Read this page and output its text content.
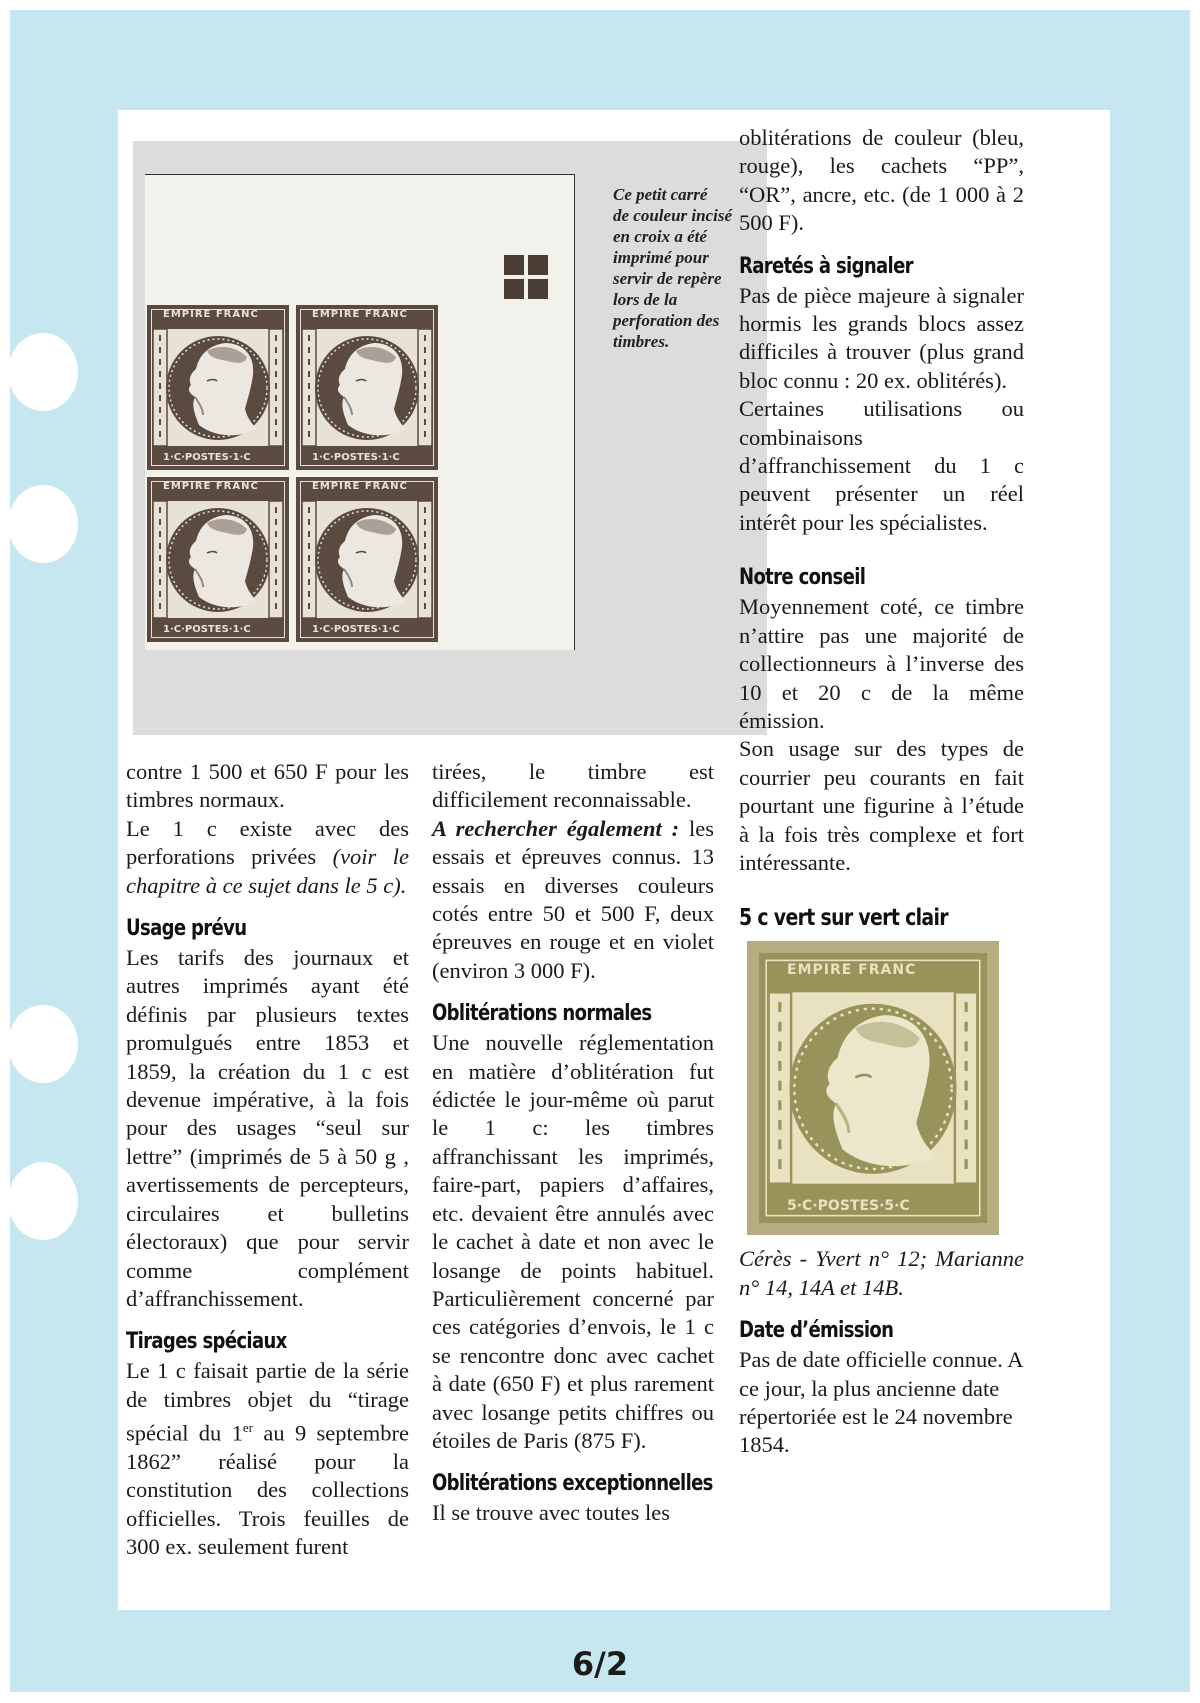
EMPIRE FRANC	EMPIRE FRANC
EMPIRE FRANC	EMPIRE FRANC
1·C·POSTES·1·C	1·C·POSTES·1·C
1·C·POSTES·1·C	1·C·POSTES·1·C
Ce petit carré
de couleur incisé
en croix a été
imprimé pour
servir de repère
lors de la
perforation des
timbres.

contre 1 500 et 650 F pour les timbres normaux.

Le 1 c existe avec des perforations privées (voir le chapitre à ce sujet dans le 5 c).

Usage prévu

Les tarifs des journaux et autres imprimés ayant été définis par plusieurs textes promulgués entre 1853 et 1859, la création du 1 c est devenue impérative, à la fois pour des usages “seul sur lettre” (imprimés de 5 à 50 g , avertissements de percepteurs, circulaires et bulletins électoraux) que pour servir comme complément d’affranchissement.

Tirages spéciaux

Le 1 c faisait partie de la série de timbres objet du “tirage spécial du 1er au 9 septembre 1862” réalisé pour la constitution des collections officielles. Trois feuilles de 300 ex. seulement furent

tirées, le timbre est difficilement reconnaissable.

A rechercher également : les essais et épreuves connus. 13 essais en diverses couleurs cotés entre 50 et 500 F, deux épreuves en rouge et en violet (environ 3 000 F).

Oblitérations normales

Une nouvelle réglementation en matière d’oblitération fut édictée le jour-même où parut le 1 c: les timbres affranchissant les imprimés, faire-part, papiers d’affaires, etc. devaient être annulés avec le cachet à date et non avec le losange de points habituel. Particulièrement concerné par ces catégories d’envois, le 1 c se rencontre donc avec cachet à date (650 F) et plus rarement avec losange petits chiffres ou étoiles de Paris (875 F).

Oblitérations exceptionnelles

Il se trouve avec toutes les

oblitérations de couleur (bleu, rouge), les cachets “PP”, “OR”, ancre, etc. (de 1 000 à 2 500 F).

Raretés à signaler

Pas de pièce majeure à signaler hormis les grands blocs assez difficiles à trouver (plus grand bloc connu : 20 ex. oblitérés).

Certaines utilisations ou combinaisons d’affranchissement du 1 c peuvent présenter un réel intérêt pour les spécialistes.

Notre conseil

Moyennement coté, ce timbre n’attire pas une majorité de collectionneurs à l’inverse des 10 et 20 c de la même émission.

Son usage sur des types de courrier peu courants en fait pourtant une figurine à l’étude à la fois très complexe et fort intéressante.

5 c vert sur vert clair
EMPIRE FRANC
5·C·POSTES·5·C

Cérès - Yvert n° 12; Marianne n° 14, 14A et 14B.

Date d’émission

Pas de date officielle connue. A ce jour, la plus ancienne date répertoriée est le 24 novembre 1854.

6/2
